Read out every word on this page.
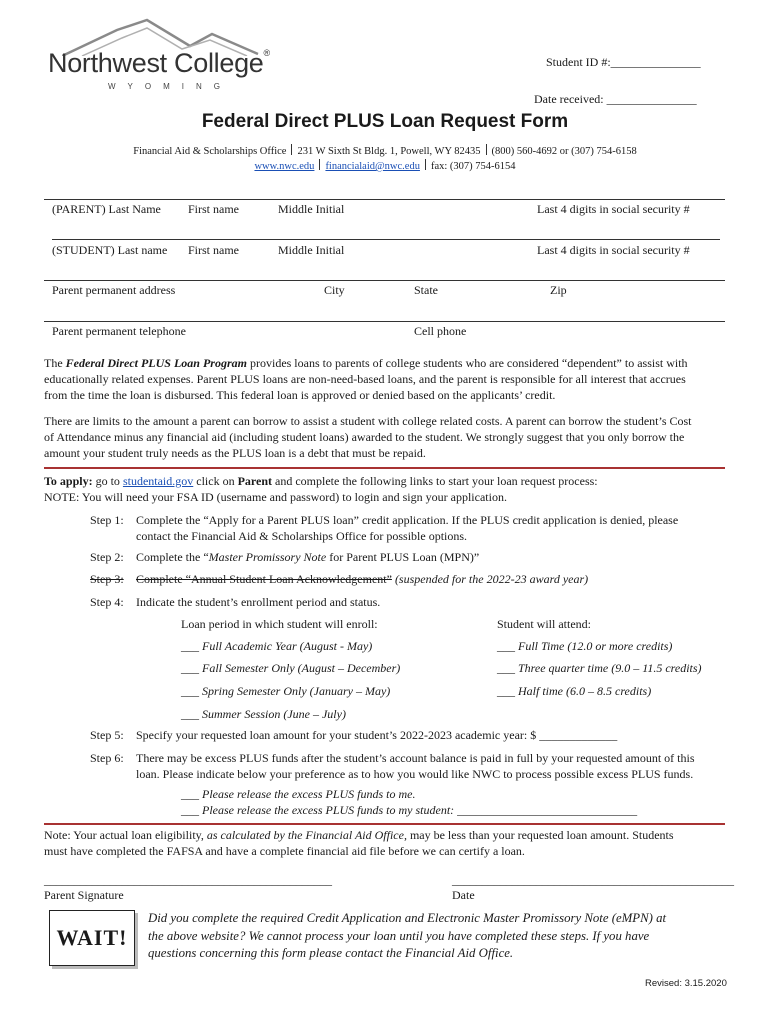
Northwest College®
WYOMING
Student ID #:_______________
Date received: _______________
Federal Direct PLUS Loan Request Form
Financial Aid & Scholarships Office 231 W Sixth St Bldg. 1, Powell, WY 82435 (800) 560-4692 or (307) 754-6158
www.nwc.edu financialaid@nwc.edu fax: (307) 754-6154
(PARENT) Last Name First name	Middle Initial	Last 4 digits in social security #
(STUDENT) Last name First name	Middle Initial	Last 4 digits in social security #
Parent permanent address	City	State	Zip
Parent permanent telephone	Cell phone
The Federal Direct PLUS Loan Program provides loans to parents of college students who are considered “dependent” to assist with
educationally related expenses. Parent PLUS loans are non-need-based loans, and the parent is responsible for all interest that accrues
from the time the loan is disbursed. This federal loan is approved or denied based on the applicants’ credit.
There are limits to the amount a parent can borrow to assist a student with college related costs. A parent can borrow the student’s Cost
of Attendance minus any financial aid (including student loans) awarded to the student. We strongly suggest that you only borrow the
amount your student truly needs as the PLUS loan is a debt that must be repaid.
To apply: go to studentaid.gov click on Parent and complete the following links to start your loan request process:
NOTE: You will need your FSA ID (username and password) to login and sign your application.
Step 1: Complete the “Apply for a Parent PLUS loan” credit application. If the PLUS credit application is denied, please
contact the Financial Aid & Scholarships Office for possible options.
Step 2: Complete the “Master Promissory Note for Parent PLUS Loan (MPN)”
Step 3: Complete “Annual Student Loan Acknowledgement” (suspended for the 2022-23 award year)
Step 4: Indicate the student’s enrollment period and status.
Loan period in which student will enroll:	Student will attend:
___ Full Academic Year (August - May)	___ Full Time (12.0 or more credits)
___ Fall Semester Only (August – December)	___ Three quarter time (9.0 – 11.5 credits)
___ Spring Semester Only (January – May)	___ Half time (6.0 – 8.5 credits)
___ Summer Session (June – July)
Step 5: Specify your requested loan amount for your student’s 2022-2023 academic year: $ _____________
Step 6: There may be excess PLUS funds after the student’s account balance is paid in full by your requested amount of this
loan. Please indicate below your preference as to how you would like NWC to process possible excess PLUS funds.
___ Please release the excess PLUS funds to me.
___ Please release the excess PLUS funds to my student: ______________________________
Note: Your actual loan eligibility, as calculated by the Financial Aid Office, may be less than your requested loan amount. Students
must have completed the FAFSA and have a complete financial aid file before we can certify a loan.
________________________________________________
Parent Signature
_______________________________________________
Date
WAIT!
Did you complete the required Credit Application and Electronic Master Promissory Note (eMPN) at
the above website? We cannot process your loan until you have completed these steps. If you have
questions concerning this form please contact the Financial Aid Office.
Revised: 3.15.2020
